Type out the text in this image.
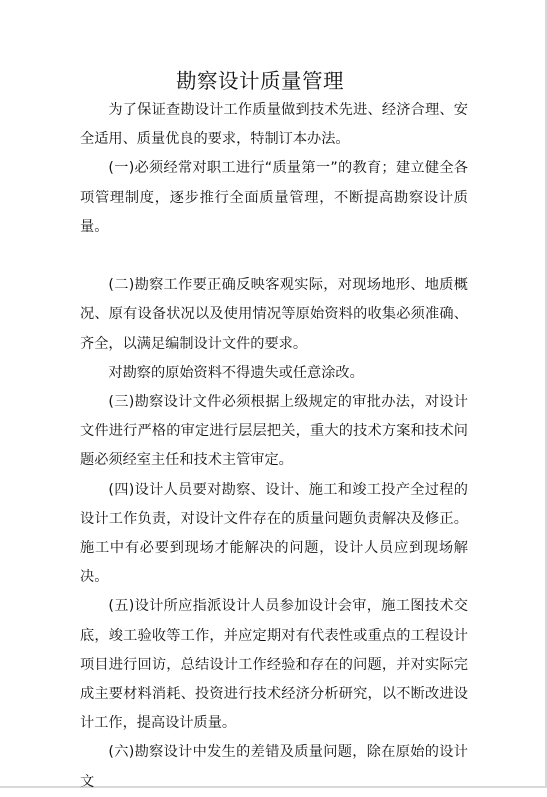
勘察设计质量管理

为了保证查勘设计工作质量做到技术先进、经济合理、安全适用、质量优良的要求，特制订本办法。

(一)必须经常对职工进行“质量第一”的教育；建立健全各项管理制度，逐步推行全面质量管理，不断提高勘察设计质量。

(二)勘察工作要正确反映客观实际，对现场地形、地质概况、原有设备状况以及使用情况等原始资料的收集必须准确、齐全，以满足编制设计文件的要求。

对勘察的原始资料不得遗失或任意涂改。

(三)勘察设计文件必须根据上级规定的审批办法，对设计文件进行严格的审定进行层层把关，重大的技术方案和技术问题必须经室主任和技术主管审定。

(四)设计人员要对勘察、设计、施工和竣工投产全过程的设计工作负责，对设计文件存在的质量问题负责解决及修正。施工中有必要到现场才能解决的问题，设计人员应到现场解决。

(五)设计所应指派设计人员参加设计会审，施工图技术交底，竣工验收等工作，并应定期对有代表性或重点的工程设计项目进行回访，总结设计工作经验和存在的问题，并对实际完成主要材料消耗、投资进行技术经济分析研究，以不断改进设计工作，提高设计质量。

(六)勘察设计中发生的差错及质量问题，除在原始的设计文
